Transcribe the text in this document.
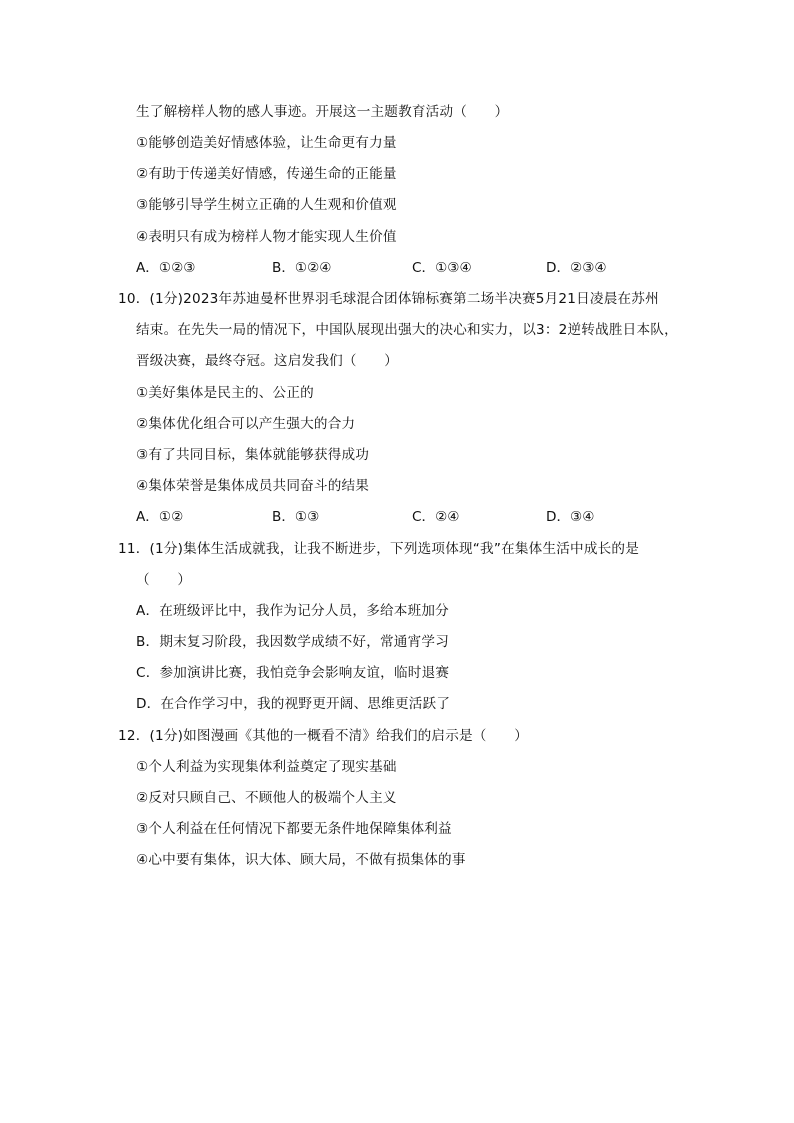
生了解榜样人物的感人事迹。开展这一主题教育活动（　　）
①能够创造美好情感体验，让生命更有力量
②有助于传递美好情感，传递生命的正能量
③能够引导学生树立正确的人生观和价值观
④表明只有成为榜样人物才能实现人生价值
A．①②③	B．①②④	C．①③④	D．②③④
10．(1分)2023年苏迪曼杯世界羽毛球混合团体锦标赛第二场半决赛5月21日凌晨在苏州
结束。在先失一局的情况下，中国队展现出强大的决心和实力，以3：2逆转战胜日本队，
晋级决赛，最终夺冠。这启发我们（　　）
①美好集体是民主的、公正的
②集体优化组合可以产生强大的合力
③有了共同目标，集体就能够获得成功
④集体荣誉是集体成员共同奋斗的结果
A．①②	B．①③	C．②④	D．③④
11．(1分)集体生活成就我，让我不断进步，下列选项体现“我”在集体生活中成长的是
（　　）
A．在班级评比中，我作为记分人员，多给本班加分
B．期末复习阶段，我因数学成绩不好，常通宵学习
C．参加演讲比赛，我怕竞争会影响友谊，临时退赛
D．在合作学习中，我的视野更开阔、思维更活跃了
12．(1分)如图漫画《其他的一概看不清》给我们的启示是（　　）
①个人利益为实现集体利益奠定了现实基础
②反对只顾自己、不顾他人的极端个人主义
③个人利益在任何情况下都要无条件地保障集体利益
④心中要有集体，识大体、顾大局，不做有损集体的事
